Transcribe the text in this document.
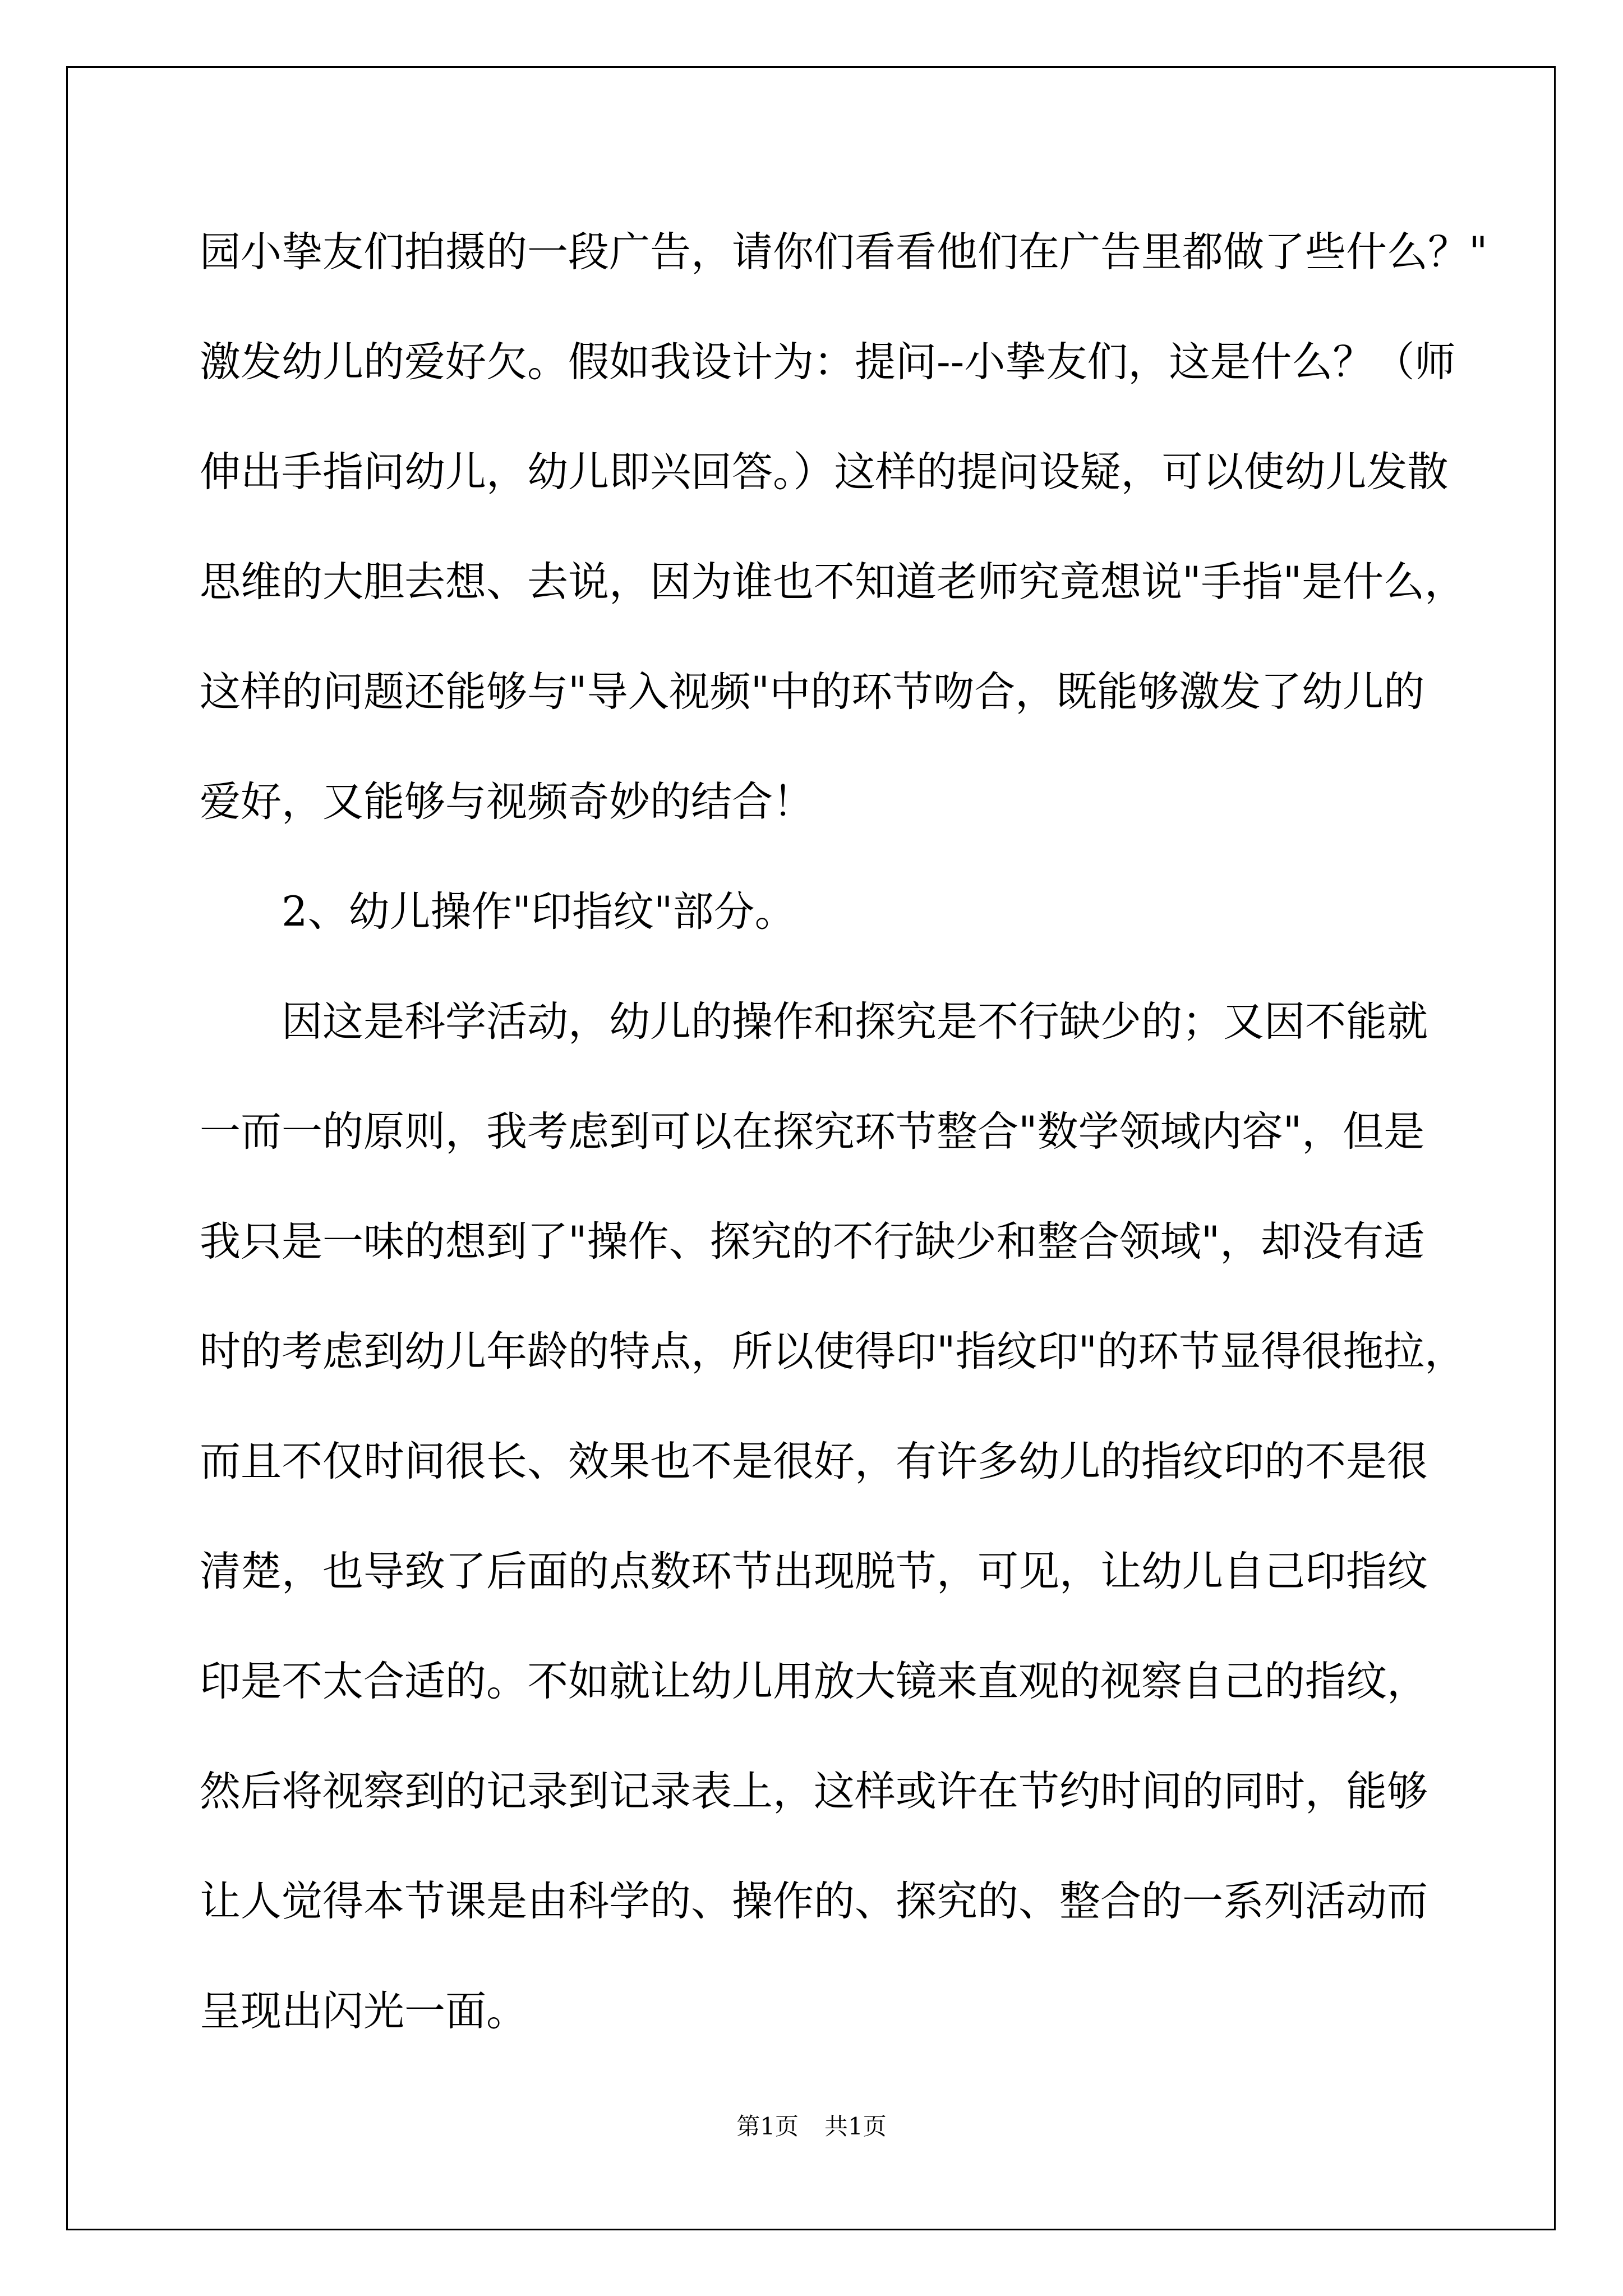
园小挚友们拍摄的一段广告，请你们看看他们在广告里都做了些什么？"
激发幼儿的爱好欠。假如我设计为：提问--小挚友们，这是什么？（师
伸出手指问幼儿，幼儿即兴回答。）这样的提问设疑，可以使幼儿发散
思维的大胆去想、去说，因为谁也不知道老师究竟想说"手指"是什么，
这样的问题还能够与"导入视频"中的环节吻合，既能够激发了幼儿的
爱好，又能够与视频奇妙的结合！
2、幼儿操作"印指纹"部分。
因这是科学活动，幼儿的操作和探究是不行缺少的；又因不能就
一而一的原则，我考虑到可以在探究环节整合"数学领域内容"，但是
我只是一味的想到了"操作、探究的不行缺少和整合领域"，却没有适
时的考虑到幼儿年龄的特点，所以使得印"指纹印"的环节显得很拖拉，
而且不仅时间很长、效果也不是很好，有许多幼儿的指纹印的不是很
清楚，也导致了后面的点数环节出现脱节，可见，让幼儿自己印指纹
印是不太合适的。不如就让幼儿用放大镜来直观的视察自己的指纹，
然后将视察到的记录到记录表上，这样或许在节约时间的同时，能够
让人觉得本节课是由科学的、操作的、探究的、整合的一系列活动而
呈现出闪光一面。
第1页 共1页
